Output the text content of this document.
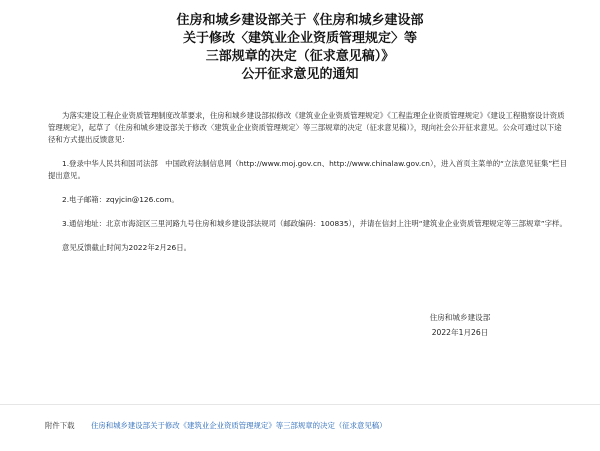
住房和城乡建设部关于《住房和城乡建设部
关于修改〈建筑业企业资质管理规定〉等
三部规章的决定（征求意见稿）》
公开征求意见的通知

为落实建设工程企业资质管理制度改革要求，住房和城乡建设部拟修改《建筑业企业资质管理规定》《工程监理企业资质管理规定》《建设工程勘察设计资质管理规定》，起草了《住房和城乡建设部关于修改〈建筑业企业资质管理规定〉等三部规章的决定（征求意见稿）》，现向社会公开征求意见。公众可通过以下途径和方式提出反馈意见：

1.登录中华人民共和国司法部　中国政府法制信息网（http://www.moj.gov.cn、http://www.chinalaw.gov.cn），进入首页主菜单的“立法意见征集”栏目提出意见。

2.电子邮箱：zqyjcin@126.com。

3.通信地址：北京市海淀区三里河路九号住房和城乡建设部法规司（邮政编码：100835），并请在信封上注明“建筑业企业资质管理规定等三部规章”字样。

意见反馈截止时间为2022年2月26日。

住房和城乡建设部
2022年1月26日
附件下载 住房和城乡建设部关于修改《建筑业企业资质管理规定》等三部规章的决定（征求意见稿）
